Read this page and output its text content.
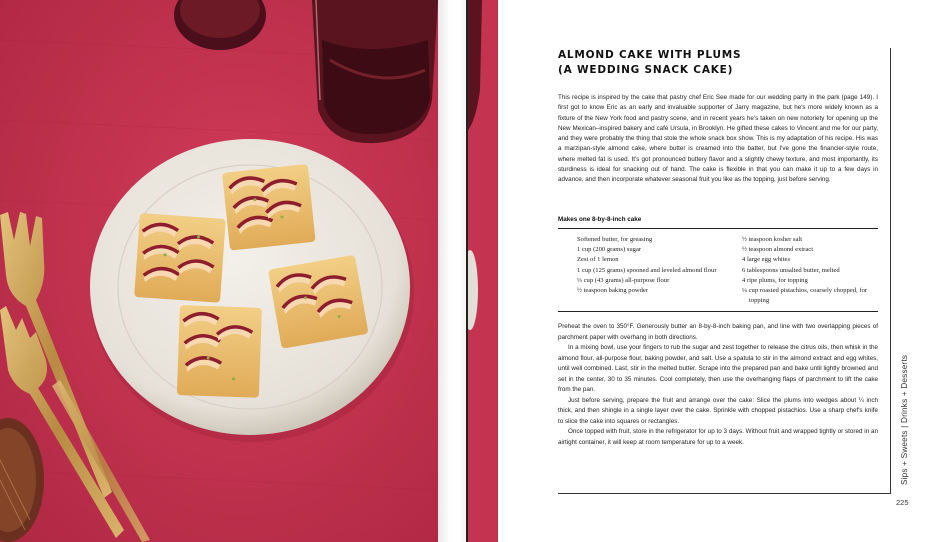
ALMOND CAKE WITH PLUMS
(A WEDDING SNACK CAKE)

This recipe is inspired by the cake that pastry chef Eric See made for our wedding party in the park (page 149). I first got to know Eric as an early and invaluable supporter of Jarry magazine, but he's more widely known as a fixture of the New York food and pastry scene, and in recent years he's taken on new notoriety for opening up the New Mexican–inspired bakery and café Ursula, in Brooklyn. He gifted these cakes to Vincent and me for our party, and they were probably the thing that stole the whole snack box show. This is my adaptation of his recipe. His was a marzipan-style almond cake, where butter is creamed into the batter, but I've gone the financier-style route, where melted fat is used. It's got pronounced buttery flavor and a slightly chewy texture, and most importantly, its sturdiness is ideal for snacking out of hand. The cake is flexible in that you can make it up to a few days in advance, and then incorporate whatever seasonal fruit you like as the topping, just before serving.

Makes one 8-by-8-inch cake

Softened butter, for greasing
1 cup (200 grams) sugar
Zest of 1 lemon
1 cup (125 grams) spooned and leveled almond flour
⅓ cup (43 grams) all-purpose flour
½ teaspoon baking powder
½ teaspoon kosher salt
½ teaspoon almond extract
4 large egg whites
6 tablespoons unsalted butter, melted
4 ripe plums, for topping
¼ cup roasted pistachios, coarsely chopped, for topping

Preheat the oven to 350°F. Generously butter an 8-by-8-inch baking pan, and line with two overlapping pieces of parchment paper with overhang in both directions.

In a mixing bowl, use your fingers to rub the sugar and zest together to release the citrus oils, then whisk in the almond flour, all-purpose flour, baking powder, and salt. Use a spatula to stir in the almond extract and egg whites, until well combined. Last, stir in the melted butter. Scrape into the prepared pan and bake until lightly browned and set in the center, 30 to 35 minutes. Cool completely, then use the overhanging flaps of parchment to lift the cake from the pan.

Just before serving, prepare the fruit and arrange over the cake: Slice the plums into wedges about ¼ inch thick, and then shingle in a single layer over the cake. Sprinkle with chopped pistachios. Use a sharp chef's knife to slice the cake into squares or rectangles.

Once topped with fruit, store in the refrigerator for up to 3 days. Without fruit and wrapped tightly or stored in an airtight container, it will keep at room temperature for up to a week.	Sips + Sweets | Drinks + Desserts
225
